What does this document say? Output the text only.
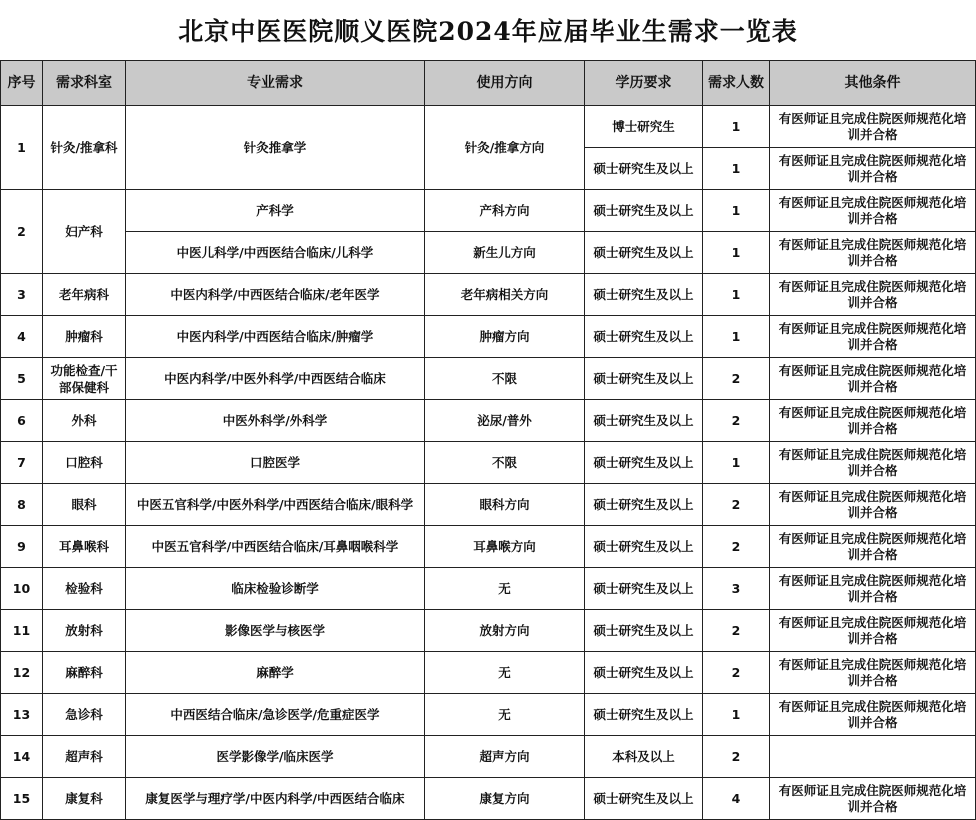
北京中医医院顺义医院2024年应届毕业生需求一览表
序号	需求科室	专业需求	使用方向	学历要求	需求人数	其他条件
1	针灸/推拿科	针灸推拿学	针灸/推拿方向	博士研究生	1	有医师证且完成住院医师规范化培训并合格
				硕士研究生及以上	1	有医师证且完成住院医师规范化培训并合格
2	妇产科	产科学	产科方向	硕士研究生及以上	1	有医师证且完成住院医师规范化培训并合格
		中医儿科学/中西医结合临床/儿科学	新生儿方向	硕士研究生及以上	1	有医师证且完成住院医师规范化培训并合格
3	老年病科	中医内科学/中西医结合临床/老年医学	老年病相关方向	硕士研究生及以上	1	有医师证且完成住院医师规范化培训并合格
4	肿瘤科	中医内科学/中西医结合临床/肿瘤学	肿瘤方向	硕士研究生及以上	1	有医师证且完成住院医师规范化培训并合格
5	功能检查/干部保健科	中医内科学/中医外科学/中西医结合临床	不限	硕士研究生及以上	2	有医师证且完成住院医师规范化培训并合格
6	外科	中医外科学/外科学	泌尿/普外	硕士研究生及以上	2	有医师证且完成住院医师规范化培训并合格
7	口腔科	口腔医学	不限	硕士研究生及以上	1	有医师证且完成住院医师规范化培训并合格
8	眼科	中医五官科学/中医外科学/中西医结合临床/眼科学	眼科方向	硕士研究生及以上	2	有医师证且完成住院医师规范化培训并合格
9	耳鼻喉科	中医五官科学/中西医结合临床/耳鼻咽喉科学	耳鼻喉方向	硕士研究生及以上	2	有医师证且完成住院医师规范化培训并合格
10	检验科	临床检验诊断学	无	硕士研究生及以上	3	有医师证且完成住院医师规范化培训并合格
11	放射科	影像医学与核医学	放射方向	硕士研究生及以上	2	有医师证且完成住院医师规范化培训并合格
12	麻醉科	麻醉学	无	硕士研究生及以上	2	有医师证且完成住院医师规范化培训并合格
13	急诊科	中西医结合临床/急诊医学/危重症医学	无	硕士研究生及以上	1	有医师证且完成住院医师规范化培训并合格
14	超声科	医学影像学/临床医学	超声方向	本科及以上	2	
15	康复科	康复医学与理疗学/中医内科学/中西医结合临床	康复方向	硕士研究生及以上	4	有医师证且完成住院医师规范化培训并合格
